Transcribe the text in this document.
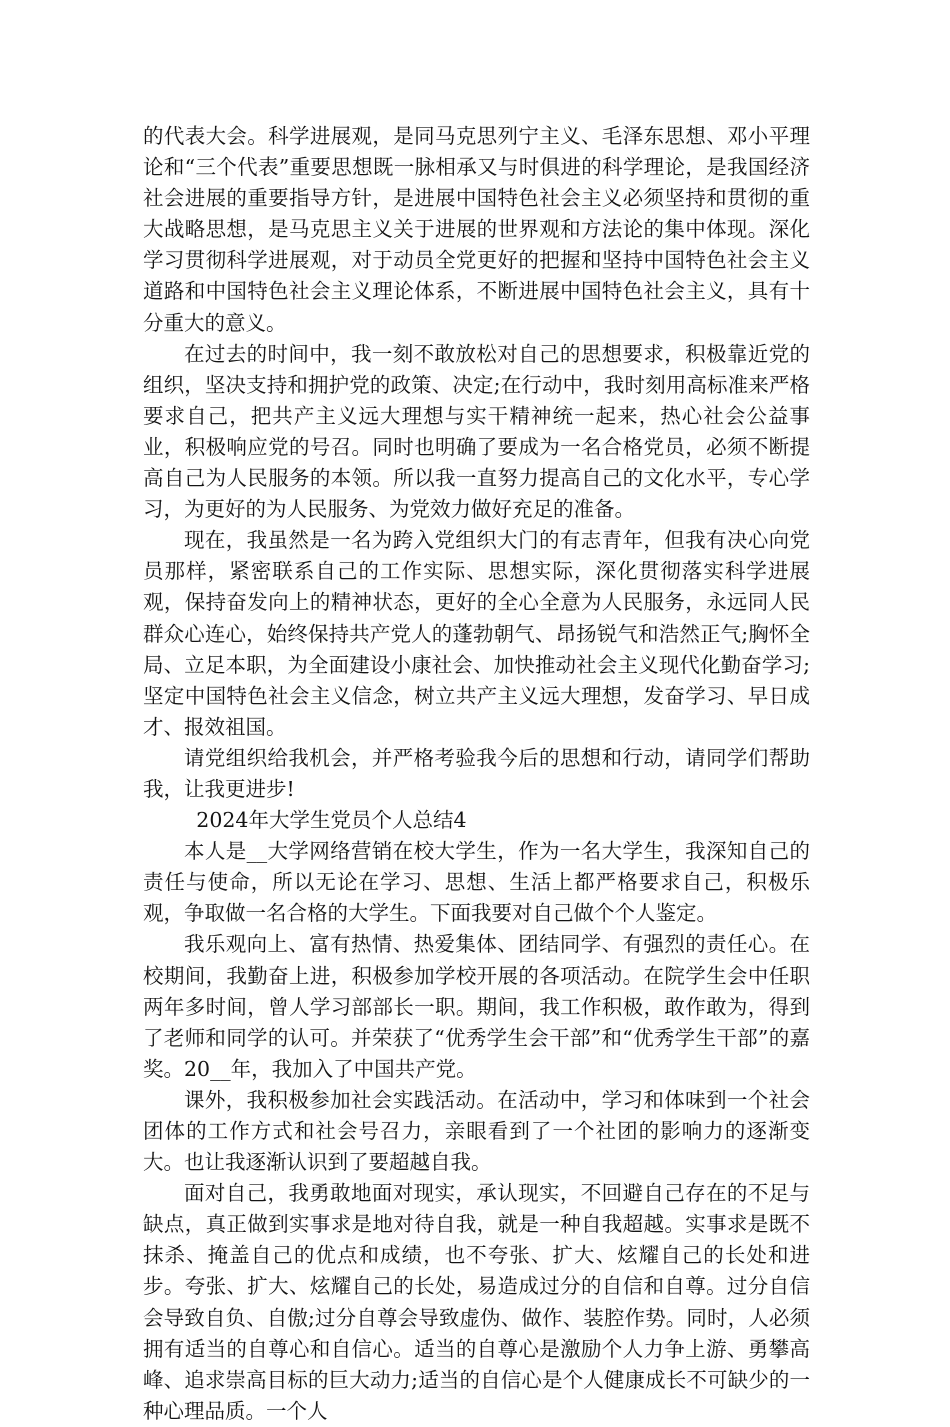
的代表大会。科学进展观，是同马克思列宁主义、毛泽东思想、邓小平理论和“三个代表”重要思想既一脉相承又与时俱进的科学理论，是我国经济社会进展的重要指导方针，是进展中国特色社会主义必须坚持和贯彻的重大战略思想，是马克思主义关于进展的世界观和方法论的集中体现。深化学习贯彻科学进展观，对于动员全党更好的把握和坚持中国特色社会主义道路和中国特色社会主义理论体系，不断进展中国特色社会主义，具有十分重大的意义。

在过去的时间中，我一刻不敢放松对自己的思想要求，积极靠近党的组织，坚决支持和拥护党的政策、决定;在行动中，我时刻用高标准来严格要求自己，把共产主义远大理想与实干精神统一起来，热心社会公益事业，积极响应党的号召。同时也明确了要成为一名合格党员，必须不断提高自己为人民服务的本领。所以我一直努力提高自己的文化水平，专心学习，为更好的为人民服务、为党效力做好充足的准备。

现在，我虽然是一名为跨入党组织大门的有志青年，但我有决心向党员那样，紧密联系自己的工作实际、思想实际，深化贯彻落实科学进展观，保持奋发向上的精神状态，更好的全心全意为人民服务，永远同人民群众心连心，始终保持共产党人的蓬勃朝气、昂扬锐气和浩然正气;胸怀全局、立足本职，为全面建设小康社会、加快推动社会主义现代化勤奋学习;坚定中国特色社会主义信念，树立共产主义远大理想，发奋学习、早日成才、报效祖国。

请党组织给我机会，并严格考验我今后的思想和行动，请同学们帮助我，让我更进步!

2024年大学生党员个人总结4

本人是__大学网络营销在校大学生，作为一名大学生，我深知自己的责任与使命，所以无论在学习、思想、生活上都严格要求自己，积极乐观，争取做一名合格的大学生。下面我要对自己做个个人鉴定。

我乐观向上、富有热情、热爱集体、团结同学、有强烈的责任心。在校期间，我勤奋上进，积极参加学校开展的各项活动。在院学生会中任职两年多时间，曾人学习部部长一职。期间，我工作积极，敢作敢为，得到了老师和同学的认可。并荣获了“优秀学生会干部”和“优秀学生干部”的嘉奖。20__年，我加入了中国共产党。

课外，我积极参加社会实践活动。在活动中，学习和体味到一个社会团体的工作方式和社会号召力，亲眼看到了一个社团的影响力的逐渐变大。也让我逐渐认识到了要超越自我。

面对自己，我勇敢地面对现实，承认现实，不回避自己存在的不足与缺点，真正做到实事求是地对待自我，就是一种自我超越。实事求是既不抹杀、掩盖自己的优点和成绩，也不夸张、扩大、炫耀自己的长处和进步。夸张、扩大、炫耀自己的长处，易造成过分的自信和自尊。过分自信会导致自负、自傲;过分自尊会导致虚伪、做作、装腔作势。同时，人必须拥有适当的自尊心和自信心。适当的自尊心是激励个人力争上游、勇攀高峰、追求崇高目标的巨大动力;适当的自信心是个人健康成长不可缺少的一种心理品质。一个人
